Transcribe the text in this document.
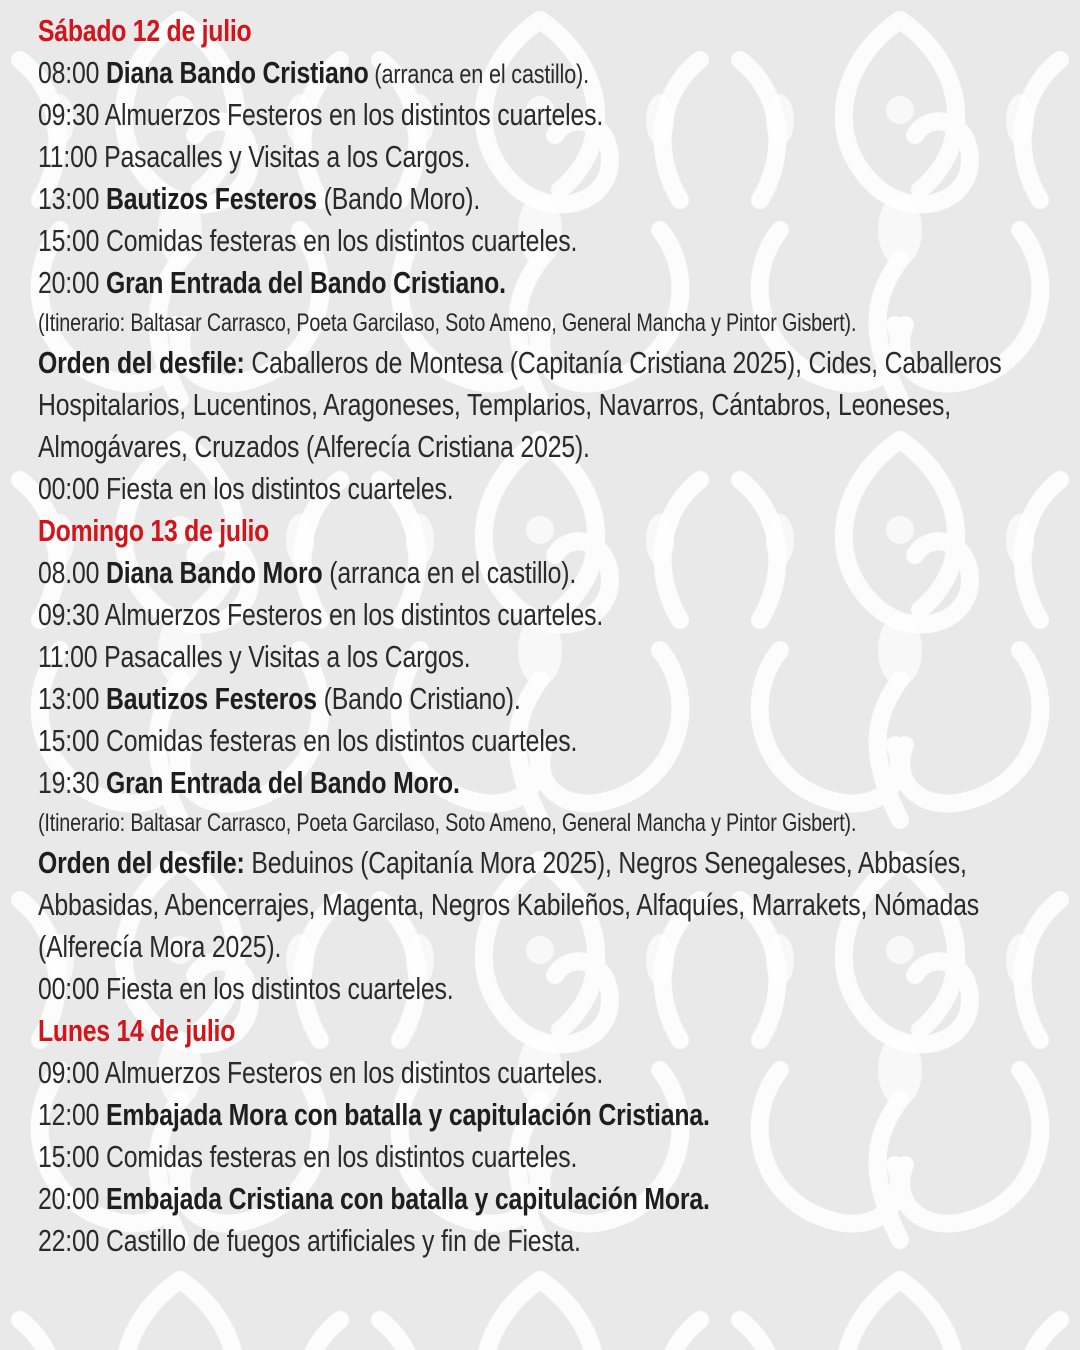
Sábado 12 de julio
08:00 Diana Bando Cristiano (arranca en el castillo).
09:30 Almuerzos Festeros en los distintos cuarteles.
11:00 Pasacalles y Visitas a los Cargos.
13:00 Bautizos Festeros (Bando Moro).
15:00 Comidas festeras en los distintos cuarteles.
20:00 Gran Entrada del Bando Cristiano.
(Itinerario: Baltasar Carrasco, Poeta Garcilaso, Soto Ameno, General Mancha y Pintor Gisbert).
Orden del desfile: Caballeros de Montesa (Capitanía Cristiana 2025), Cides, Caballeros Hospitalarios, Lucentinos, Aragoneses, Templarios, Navarros, Cántabros, Leoneses, Almogávares, Cruzados (Alferecía Cristiana 2025).
00:00 Fiesta en los distintos cuarteles.
Domingo 13 de julio
08.00 Diana Bando Moro (arranca en el castillo).
09:30 Almuerzos Festeros en los distintos cuarteles.
11:00 Pasacalles y Visitas a los Cargos.
13:00 Bautizos Festeros (Bando Cristiano).
15:00 Comidas festeras en los distintos cuarteles.
19:30 Gran Entrada del Bando Moro.
(Itinerario: Baltasar Carrasco, Poeta Garcilaso, Soto Ameno, General Mancha y Pintor Gisbert).
Orden del desfile: Beduinos (Capitanía Mora 2025), Negros Senegaleses, Abbasíes, Abbasidas, Abencerrajes, Magenta, Negros Kabileños, Alfaquíes, Marrakets, Nómadas (Alferecía Mora 2025).
00:00 Fiesta en los distintos cuarteles.
Lunes 14 de julio
09:00 Almuerzos Festeros en los distintos cuarteles.
12:00 Embajada Mora con batalla y capitulación Cristiana.
15:00 Comidas festeras en los distintos cuarteles.
20:00 Embajada Cristiana con batalla y capitulación Mora.
22:00 Castillo de fuegos artificiales y fin de Fiesta.
